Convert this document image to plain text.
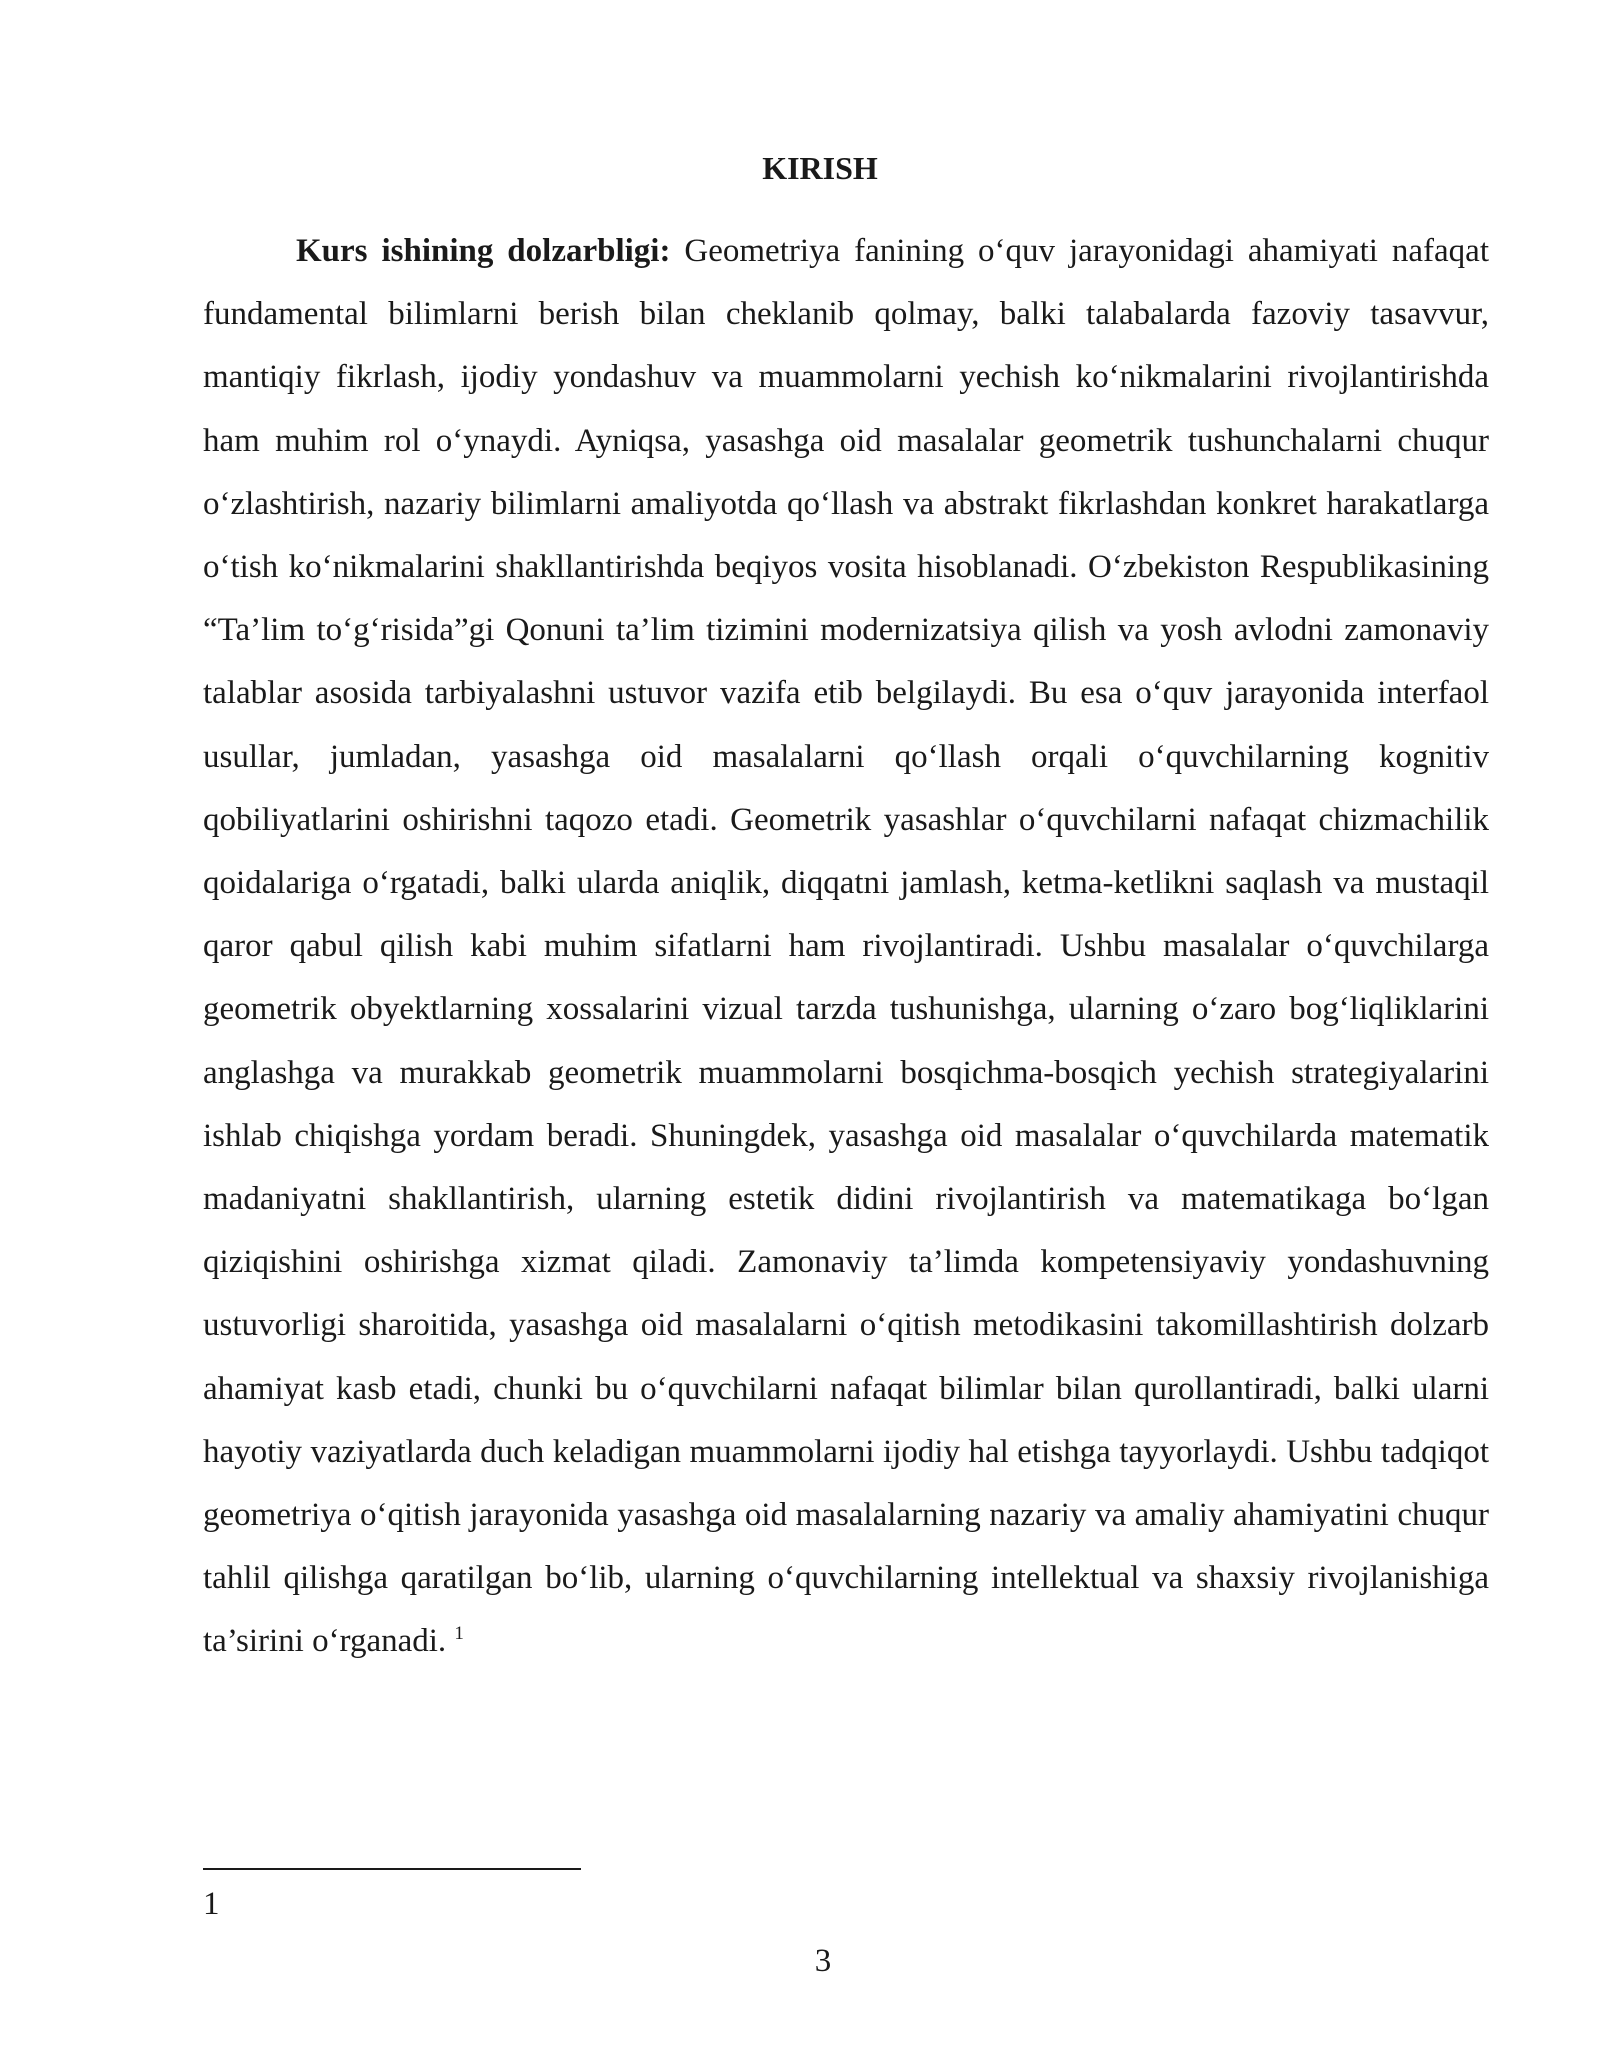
KIRISH

Kurs ishining dolzarbligi: Geometriya fanining o‘quv jarayonidagi ahamiyati nafaqat fundamental bilimlarni berish bilan cheklanib qolmay, balki talabalarda fazoviy tasavvur, mantiqiy fikrlash, ijodiy yondashuv va muammolarni yechish ko‘nikmalarini rivojlantirishda ham muhim rol o‘ynaydi. Ayniqsa, yasashga oid masalalar geometrik tushunchalarni chuqur o‘zlashtirish, nazariy bilimlarni amaliyotda qo‘llash va abstrakt fikrlashdan konkret harakatlarga o‘tish ko‘nikmalarini shakllantirishda beqiyos vosita hisoblanadi. O‘zbekiston Respublikasining “Ta’lim to‘g‘risida”gi Qonuni ta’lim tizimini modernizatsiya qilish va yosh avlodni zamonaviy talablar asosida tarbiyalashni ustuvor vazifa etib belgilaydi. Bu esa o‘quv jarayonida interfaol usullar, jumladan, yasashga oid masalalarni qo‘llash orqali o‘quvchilarning kognitiv qobiliyatlarini oshirishni taqozo etadi. Geometrik yasashlar o‘quvchilarni nafaqat chizmachilik qoidalariga o‘rgatadi, balki ularda aniqlik, diqqatni jamlash, ketma-ketlikni saqlash va mustaqil qaror qabul qilish kabi muhim sifatlarni ham rivojlantiradi. Ushbu masalalar o‘quvchilarga geometrik obyektlarning xossalarini vizual tarzda tushunishga, ularning o‘zaro bog‘liqliklarini anglashga va murakkab geometrik muammolarni bosqichma-bosqich yechish strategiyalarini ishlab chiqishga yordam beradi. Shuningdek, yasashga oid masalalar o‘quvchilarda matematik madaniyatni shakllantirish, ularning estetik didini rivojlantirish va matematikaga bo‘lgan qiziqishini oshirishga xizmat qiladi. Zamonaviy ta’limda kompetensiyaviy yondashuvning ustuvorligi sharoitida, yasashga oid masalalarni o‘qitish metodikasini takomillashtirish dolzarb ahamiyat kasb etadi, chunki bu o‘quvchilarni nafaqat bilimlar bilan qurollantiradi, balki ularni hayotiy vaziyatlarda duch keladigan muammolarni ijodiy hal etishga tayyorlaydi. Ushbu tadqiqot geometriya o‘qitish jarayonida yasashga oid masalalarning nazariy va amaliy ahamiyatini chuqur tahlil qilishga qaratilgan bo‘lib, ularning o‘quvchilarning intellektual va shaxsiy rivojlanishiga ta’sirini o‘rganadi. $^1$

1
3
